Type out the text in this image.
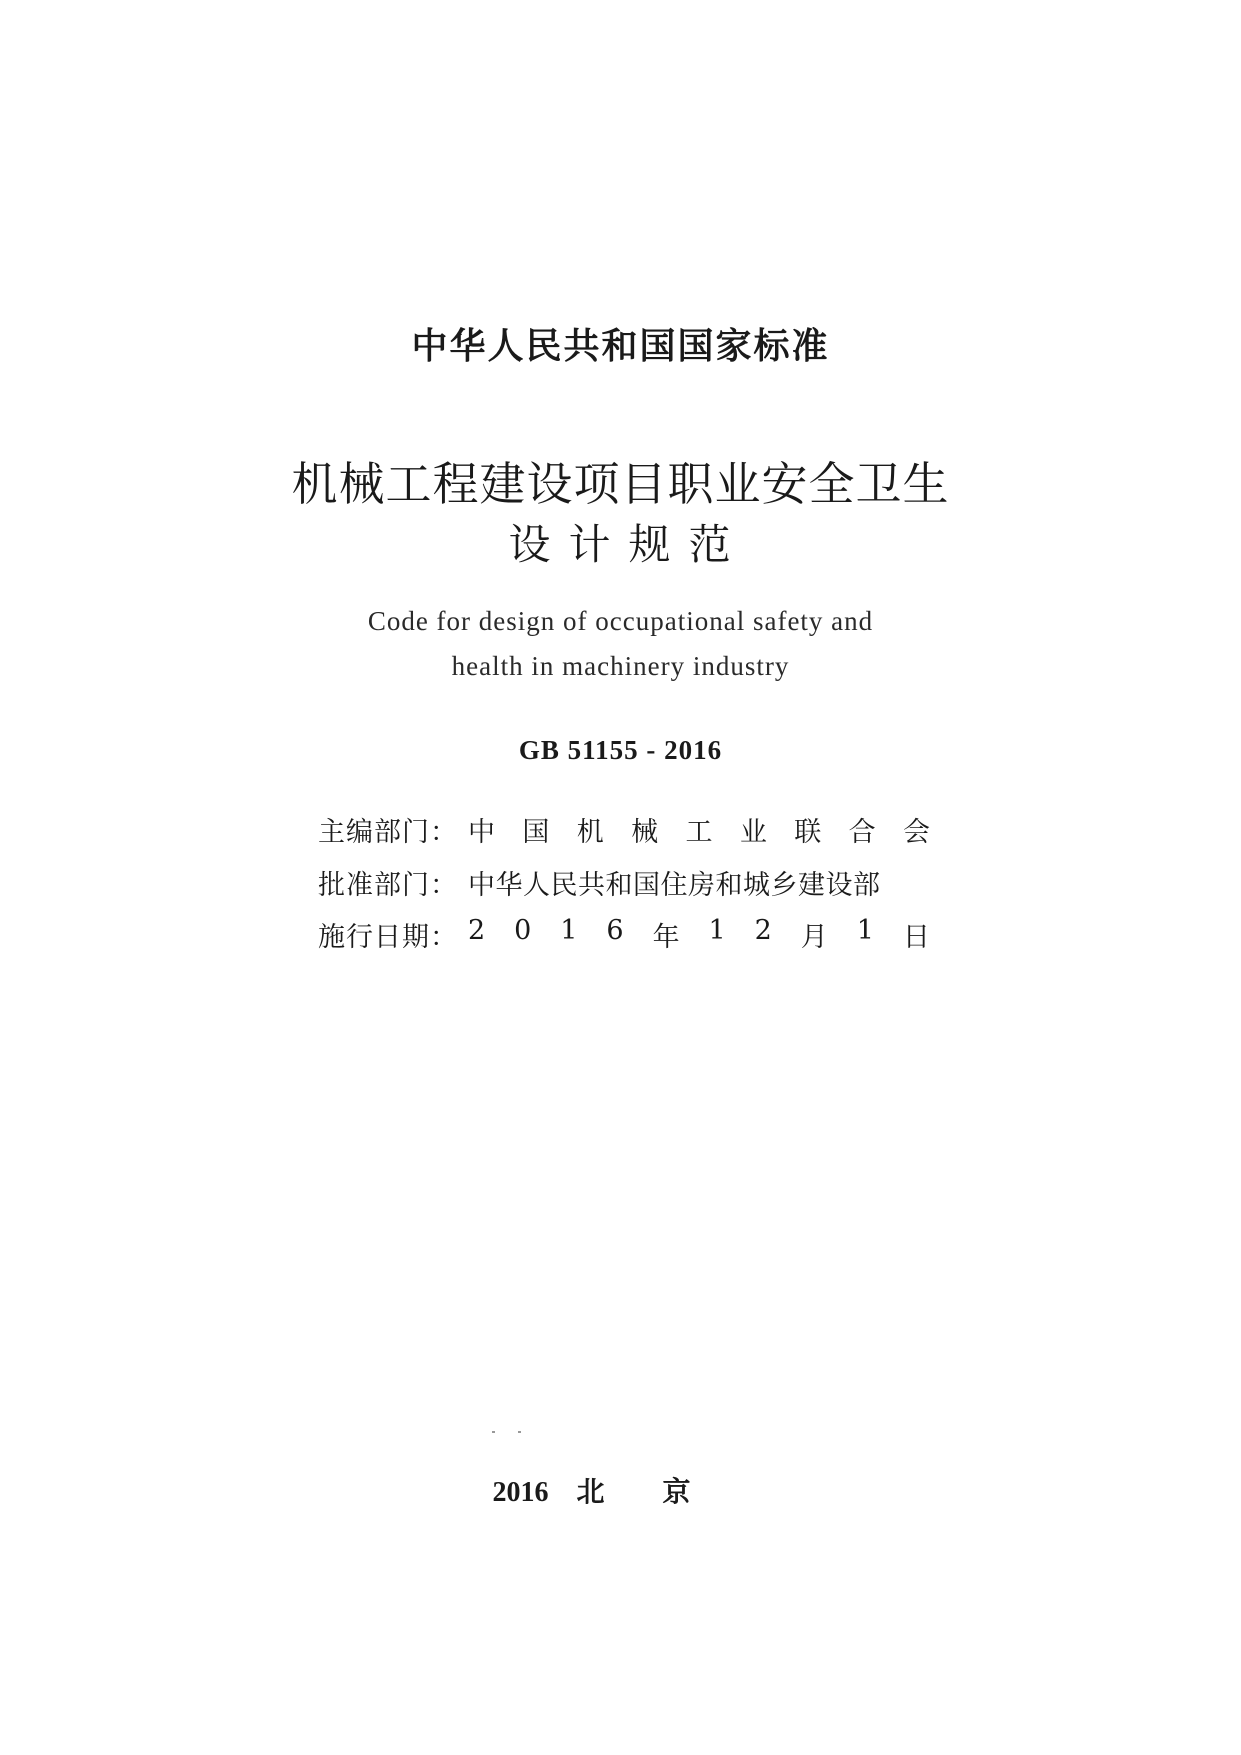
中华人民共和国国家标准
机械工程建设项目职业安全卫生
设计规范
Code for design of occupational safety and
health in machinery industry
GB 51155 - 2016
主编部门： 中 国 机 械 工 业 联 合 会
批准部门： 中华人民共和国住房和城乡建设部
施行日期： 2 0 1 6 年 1 2 月 1 日
2016 北京
